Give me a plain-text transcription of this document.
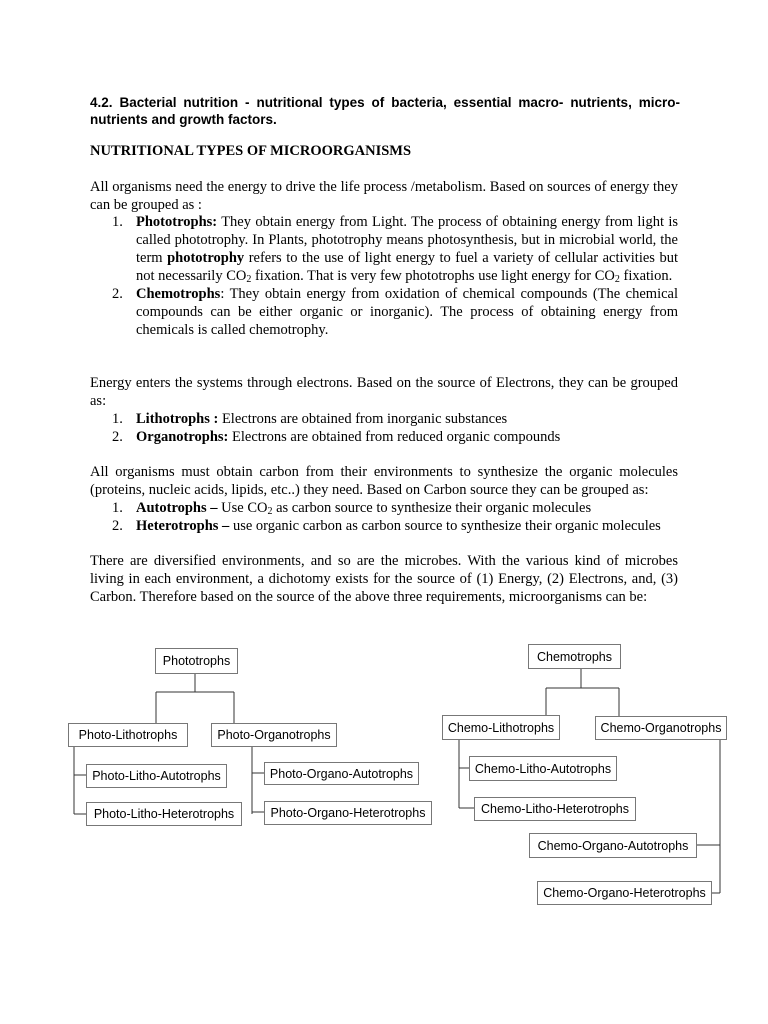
4.2. Bacterial nutrition - nutritional types of bacteria, essential macro- nutrients, micro-nutrients and growth factors.

NUTRITIONAL TYPES OF MICROORGANISMS

All organisms need the energy to drive the life process /metabolism. Based on sources of energy they can be grouped as :

1. Phototrophs: They obtain energy from Light. The process of obtaining energy from light is called phototrophy. In Plants, phototrophy means photosynthesis, but in microbial world, the term phototrophy refers to the use of light energy to fuel a variety of cellular activities but not necessarily $CO_2$ fixation. That is very few phototrophs use light energy for $CO_2$ fixation.
2. Chemotrophs: They obtain energy from oxidation of chemical compounds (The chemical compounds can be either organic or inorganic). The process of obtaining energy from chemicals is called chemotrophy.

Energy enters the systems through electrons. Based on the source of Electrons, they can be grouped as:

1. Lithotrophs : Electrons are obtained from inorganic substances
2. Organotrophs: Electrons are obtained from reduced organic compounds

All organisms must obtain carbon from their environments to synthesize the organic molecules (proteins, nucleic acids, lipids, etc..) they need. Based on Carbon source they can be grouped as:

1. Autotrophs – Use $CO_2$ as carbon source to synthesize their organic molecules
2. Heterotrophs – use organic carbon as carbon source to synthesize their organic molecules

There are diversified environments, and so are the microbes. With the various kind of microbes living in each environment, a dichotomy exists for the source of (1) Energy, (2) Electrons, and, (3) Carbon. Therefore based on the source of the above three requirements, microorganisms can be:

Phototrophs
Photo-Lithotrophs	Photo-Organotrophs
Photo-Litho-Autotrophs
Photo-Litho-Heterotrophs
Photo-Organo-Autotrophs
Photo-Organo-Heterotrophs
Chemotrophs
Chemo-Lithotrophs	Chemo-Organotrophs
Chemo-Litho-Autotrophs
Chemo-Litho-Heterotrophs
Chemo-Organo-Autotrophs
Chemo-Organo-Heterotrophs
